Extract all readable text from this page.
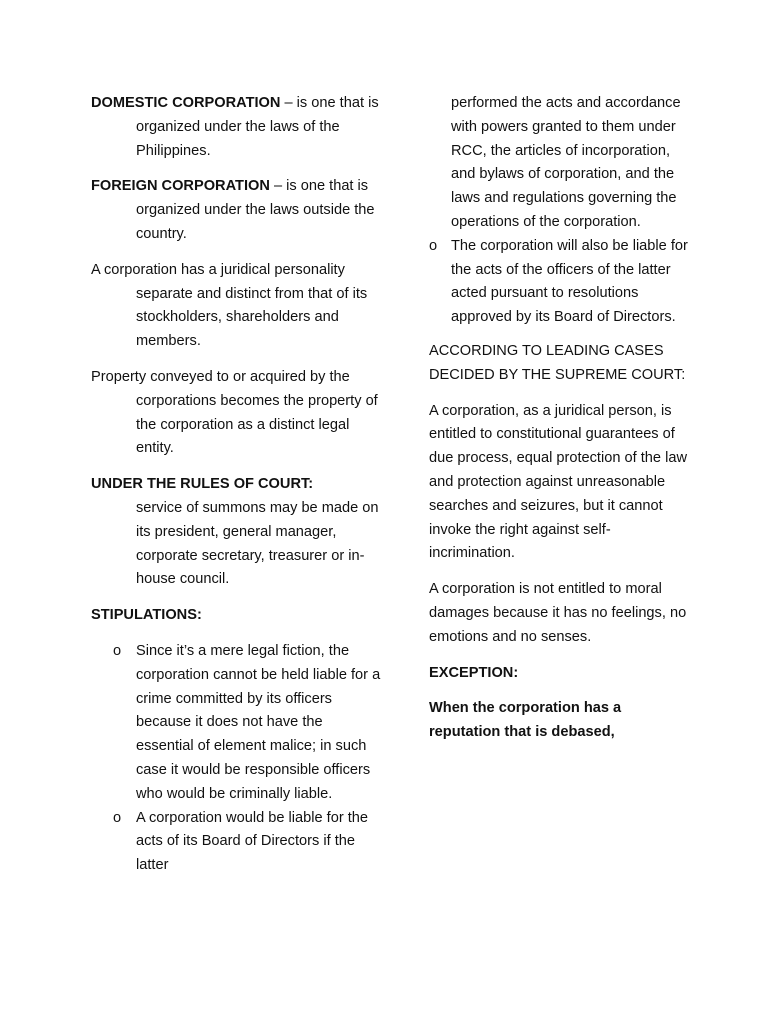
DOMESTIC CORPORATION – is one that is organized under the laws of the Philippines.

FOREIGN CORPORATION – is one that is organized under the laws outside the country.

A corporation has a juridical personality separate and distinct from that of its stockholders, shareholders and members.

Property conveyed to or acquired by the corporations becomes the property of the corporation as a distinct legal entity.

UNDER THE RULES OF COURT:

service of summons may be made on its president, general manager, corporate secretary, treasurer or in-house council.

STIPULATIONS:

o Since it’s a mere legal fiction, the corporation cannot be held liable for a crime committed by its officers because it does not have the essential of element malice; in such case it would be responsible officers who would be criminally liable.
o A corporation would be liable for the acts of its Board of Directors if the latter

performed the acts and accordance with powers granted to them under RCC, the articles of incorporation, and bylaws of corporation, and the laws and regulations governing the operations of the corporation.

o The corporation will also be liable for the acts of the officers of the latter acted pursuant to resolutions approved by its Board of Directors.

ACCORDING TO LEADING CASES DECIDED BY THE SUPREME COURT:

A corporation, as a juridical person, is entitled to constitutional guarantees of due process, equal protection of the law and protection against unreasonable searches and seizures, but it cannot invoke the right against self-incrimination.

A corporation is not entitled to moral damages because it has no feelings, no emotions and no senses.

EXCEPTION:

When the corporation has a reputation that is debased,
